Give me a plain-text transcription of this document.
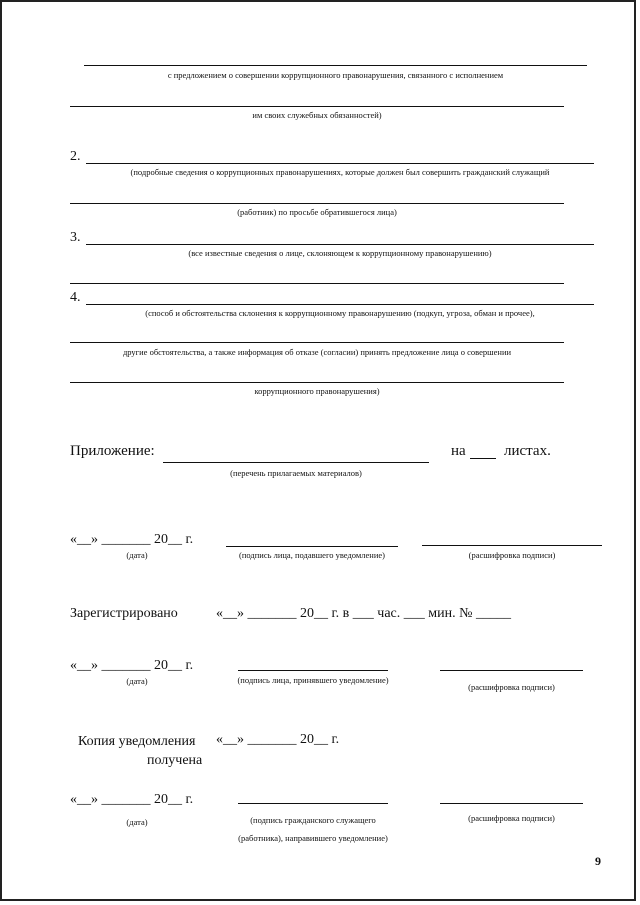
с предложением о совершении коррупционного правонарушения, связанного с исполнением
им своих служебных обязанностей)
2.
(подробные сведения о коррупционных правонарушениях, которые должен был совершить гражданский служащий
(работник) по просьбе обратившегося лица)
3.
(все известные сведения о лице, склоняющем к коррупционному правонарушению)
4.
(способ и обстоятельства склонения к коррупционному правонарушению (подкуп, угроза, обман и прочее),
другие обстоятельства, а также информация об отказе (согласии) принять предложение лица о совершении
коррупционного правонарушения)
Приложение:
(перечень прилагаемых материалов)
на	листах.
«__» _______ 20__ г.
(дата)	(подпись лица, подавшего уведомление)	(расшифровка подписи)
Зарегистрировано	«__» _______ 20__ г. в ___ час. ___ мин. № _____
«__» _______ 20__ г.
(дата)	(подпись лица, принявшего уведомление)
(расшифровка подписи)
Копия уведомления «__» _______ 20__ г.
получена
«__» _______ 20__ г.
(дата)	(подпись гражданского служащего
(работника), направившего уведомление)
(расшифровка подписи)
9
